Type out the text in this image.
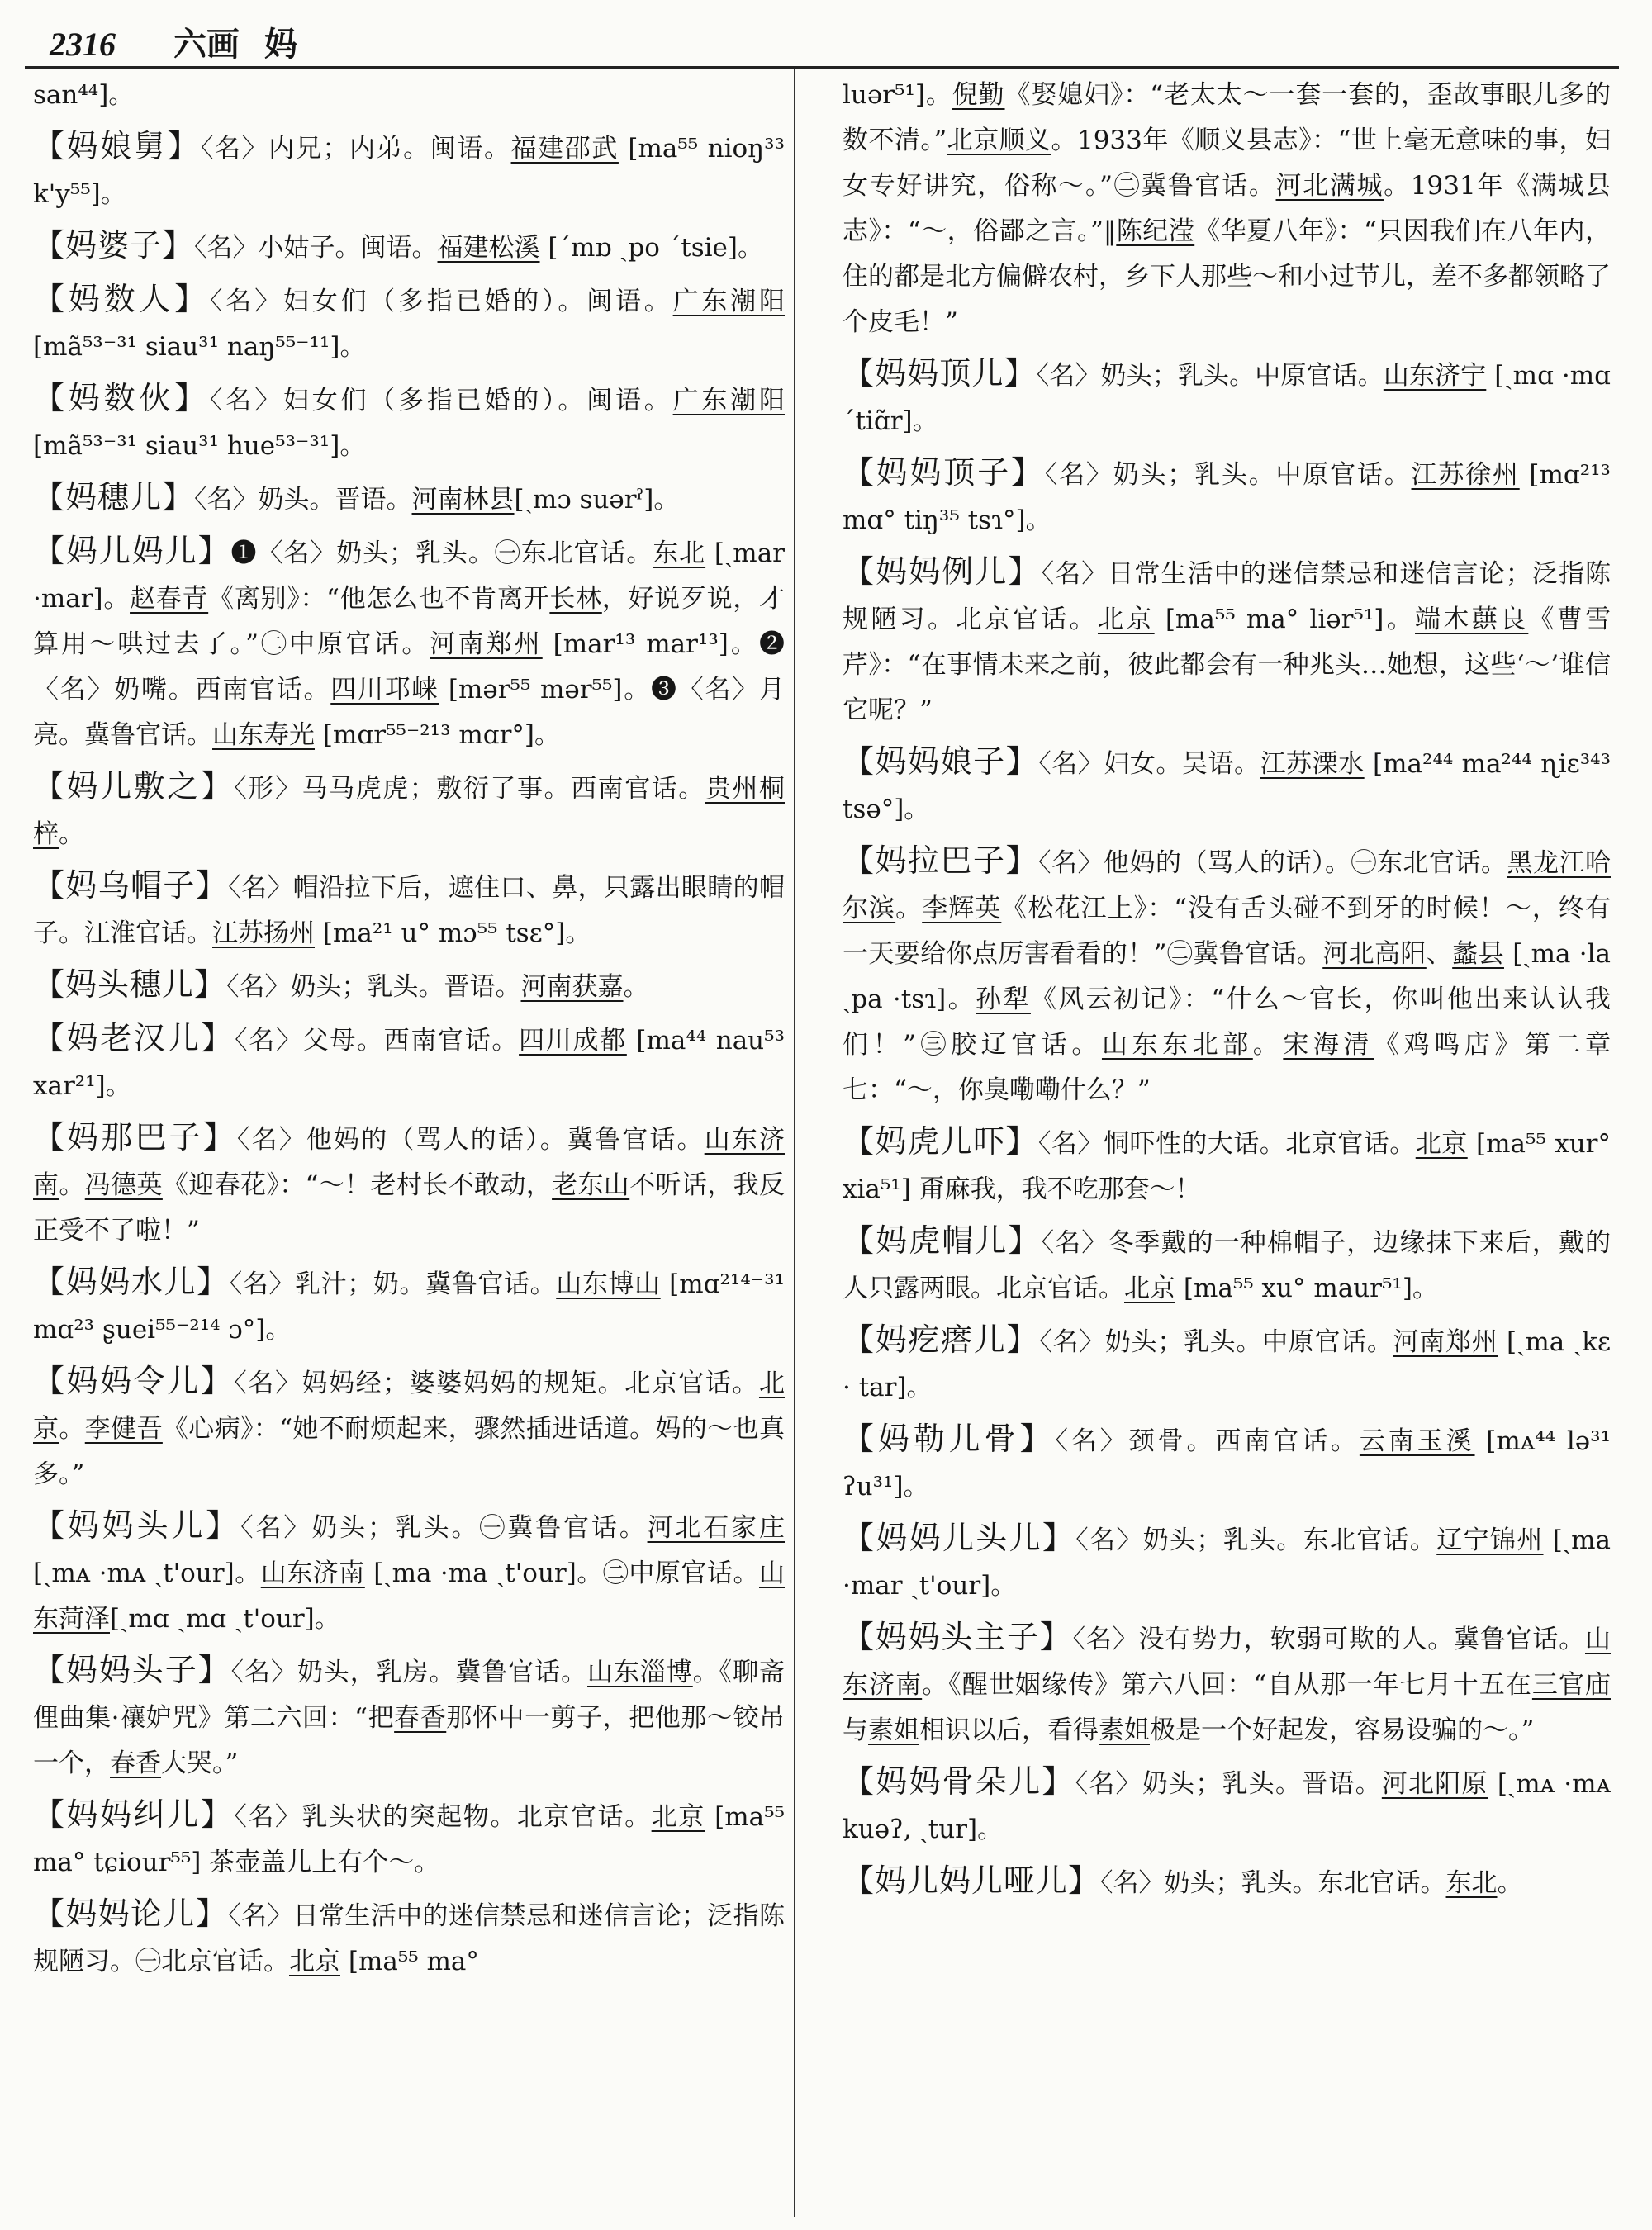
2316 六画 妈
san⁴⁴]。
【妈娘舅】〈名〉内兄；内弟。闽语。福建邵武 [ma⁵⁵ nioŋ³³ k'y⁵⁵]。
【妈婆子】〈名〉小姑子。闽语。福建松溪 [ˊmɒ ˏpo ˊtsie]。
【妈数人】〈名〉妇女们（多指已婚的）。闽语。广东潮阳 [mã⁵³⁻³¹ siau³¹ naŋ⁵⁵⁻¹¹]。
【妈数伙】〈名〉妇女们（多指已婚的）。闽语。广东潮阳 [mã⁵³⁻³¹ siau³¹ hue⁵³⁻³¹]。
【妈穗儿】〈名〉奶头。晋语。河南林县[ˏmɔ suərˀ]。
【妈儿妈儿】❶〈名〉奶头；乳头。㊀东北官话。东北 [ˏmar ·mar]。赵春青《离别》：“他怎么也不肯离开长林，好说歹说，才算用～哄过去了。”㊁中原官话。河南郑州 [mar¹³ mar¹³]。❷〈名〉奶嘴。西南官话。四川邛崃 [mər⁵⁵ mər⁵⁵]。❸〈名〉月亮。冀鲁官话。山东寿光 [mɑr⁵⁵⁻²¹³ mɑr°]。
【妈儿敷之】〈形〉马马虎虎；敷衍了事。西南官话。贵州桐梓。
【妈乌帽子】〈名〉帽沿拉下后，遮住口、鼻，只露出眼睛的帽子。江淮官话。江苏扬州 [ma²¹ u° mɔ⁵⁵ tsɛ°]。
【妈头穗儿】〈名〉奶头；乳头。晋语。河南获嘉。
【妈老汉儿】〈名〉父母。西南官话。四川成都 [ma⁴⁴ nau⁵³ xar²¹]。
【妈那巴子】〈名〉他妈的（骂人的话）。冀鲁官话。山东济南。冯德英《迎春花》：“～！老村长不敢动，老东山不听话，我反正受不了啦！”
【妈妈水儿】〈名〉乳汁；奶。冀鲁官话。山东博山 [mɑ²¹⁴⁻³¹ mɑ²³ ʂuei⁵⁵⁻²¹⁴ ɔ°]。
【妈妈令儿】〈名〉妈妈经；婆婆妈妈的规矩。北京官话。北京。李健吾《心病》：“她不耐烦起来，骤然插进话道。妈的～也真多。”
【妈妈头儿】〈名〉奶头；乳头。㊀冀鲁官话。河北石家庄 [ˏmᴀ ·mᴀ ˏt'our]。山东济南 [ˏma ·ma ˏt'our]。㊁中原官话。山东菏泽[ˏmɑ ˏmɑ ˏt'our]。
【妈妈头子】〈名〉奶头，乳房。冀鲁官话。山东淄博。《聊斋俚曲集·禳妒咒》第二六回：“把春香那怀中一剪子，把他那～铰吊一个，春香大哭。”
【妈妈纠儿】〈名〉乳头状的突起物。北京官话。北京 [ma⁵⁵ ma° tɕiour⁵⁵] 茶壶盖儿上有个～。
【妈妈论儿】〈名〉日常生活中的迷信禁忌和迷信言论；泛指陈规陋习。㊀北京官话。北京 [ma⁵⁵ ma°
luər⁵¹]。倪勤《娶媳妇》：“老太太～一套一套的，歪故事眼儿多的数不清。”北京顺义。1933年《顺义县志》：“世上毫无意味的事，妇女专好讲究，俗称～。”㊁冀鲁官话。河北满城。1931年《满城县志》：“～，俗鄙之言。”‖陈纪滢《华夏八年》：“只因我们在八年内，住的都是北方偏僻农村，乡下人那些～和小过节儿，差不多都领略了个皮毛！”
【妈妈顶儿】〈名〉奶头；乳头。中原官话。山东济宁 [ˏmɑ ·mɑ ˊtiɑ̃r]。
【妈妈顶子】〈名〉奶头；乳头。中原官话。江苏徐州 [mɑ²¹³ mɑ° tiŋ³⁵ tsɿ°]。
【妈妈例儿】〈名〉日常生活中的迷信禁忌和迷信言论；泛指陈规陋习。北京官话。北京 [ma⁵⁵ ma° liər⁵¹]。端木蕻良《曹雪芹》：“在事情未来之前，彼此都会有一种兆头…她想，这些‘～’谁信它呢？”
【妈妈娘子】〈名〉妇女。吴语。江苏溧水 [ma²⁴⁴ ma²⁴⁴ ɳiɛ³⁴³ tsə°]。
【妈拉巴子】〈名〉他妈的（骂人的话）。㊀东北官话。黑龙江哈尔滨。李辉英《松花江上》：“没有舌头碰不到牙的时候！～，终有一天要给你点厉害看看的！”㊁冀鲁官话。河北高阳、蠡县 [ˏma ·la ˏpa ·tsɿ]。孙犁《风云初记》：“什么～官长，你叫他出来认认我们！”㊂胶辽官话。山东东北部。宋海清《鸡鸣店》第二章七：“～，你臭嘞嘞什么？”
【妈虎儿吓】〈名〉恫吓性的大话。北京官话。北京 [ma⁵⁵ xur° xia⁵¹] 甭麻我，我不吃那套～！
【妈虎帽儿】〈名〉冬季戴的一种棉帽子，边缘抹下来后，戴的人只露两眼。北京官话。北京 [ma⁵⁵ xu° maur⁵¹]。
【妈疙瘩儿】〈名〉奶头；乳头。中原官话。河南郑州 [ˏma ˏkɛ · tar]。
【妈勒儿骨】〈名〉颈骨。西南官话。云南玉溪 [mᴀ⁴⁴ lə³¹ ʔu³¹]。
【妈妈儿头儿】〈名〉奶头；乳头。东北官话。辽宁锦州 [ˏma ·mar ˏt'our]。
【妈妈头主子】〈名〉没有势力，软弱可欺的人。冀鲁官话。山东济南。《醒世姻缘传》第六八回：“自从那一年七月十五在三官庙与素姐相识以后，看得素姐极是一个好起发，容易设骗的～。”
【妈妈骨朵儿】〈名〉奶头；乳头。晋语。河北阳原 [ˏmᴀ ·mᴀ kuəʔ, ˏtur]。
【妈儿妈儿哑儿】〈名〉奶头；乳头。东北官话。东北。
